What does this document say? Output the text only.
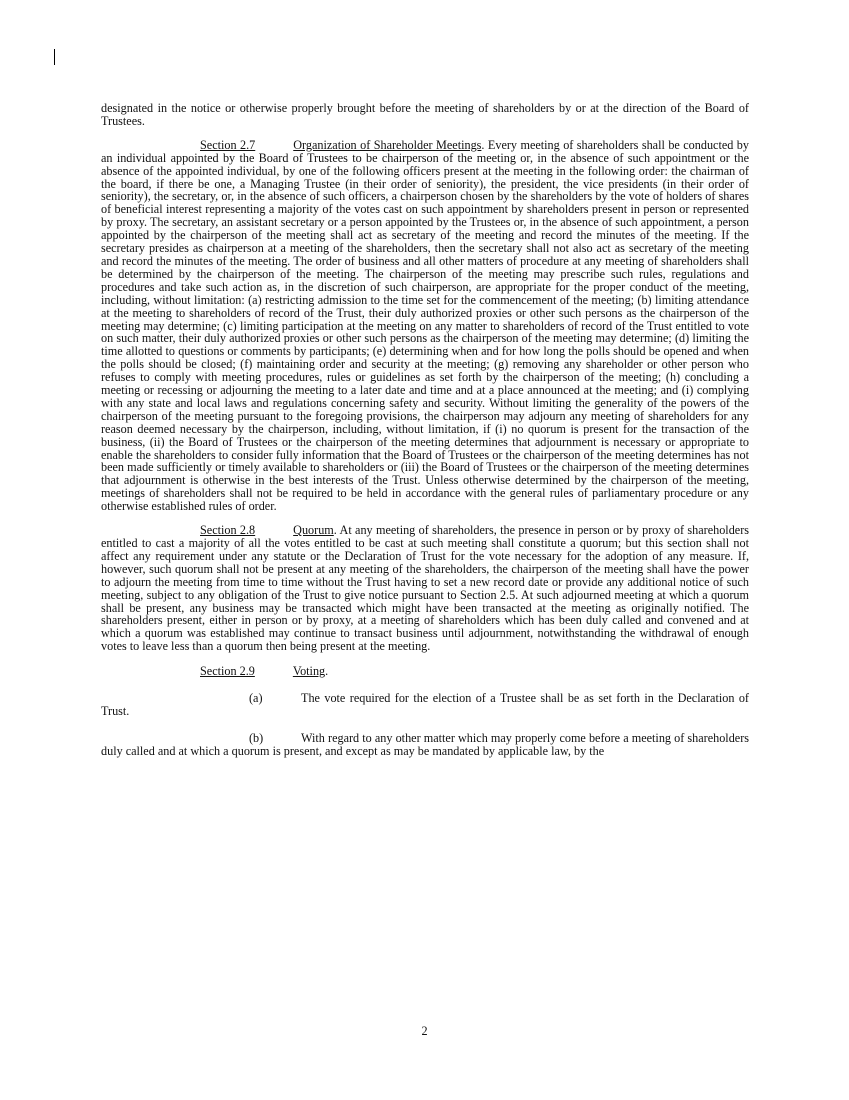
designated in the notice or otherwise properly brought before the meeting of shareholders by or at the direction of the Board of Trustees.

Section 2.7	Organization of Shareholder Meetings. Every meeting of shareholders shall be conducted by an individual appointed by the Board of Trustees to be chairperson of the meeting or, in the absence of such appointment or the absence of the appointed individual, by one of the following officers present at the meeting in the following order: the chairman of the board, if there be one, a Managing Trustee (in their order of seniority), the president, the vice presidents (in their order of seniority), the secretary, or, in the absence of such officers, a chairperson chosen by the shareholders by the vote of holders of shares of beneficial interest representing a majority of the votes cast on such appointment by shareholders present in person or represented by proxy. The secretary, an assistant secretary or a person appointed by the Trustees or, in the absence of such appointment, a person appointed by the chairperson of the meeting shall act as secretary of the meeting and record the minutes of the meeting. If the secretary presides as chairperson at a meeting of the shareholders, then the secretary shall not also act as secretary of the meeting and record the minutes of the meeting. The order of business and all other matters of procedure at any meeting of shareholders shall be determined by the chairperson of the meeting. The chairperson of the meeting may prescribe such rules, regulations and procedures and take such action as, in the discretion of such chairperson, are appropriate for the proper conduct of the meeting, including, without limitation: (a) restricting admission to the time set for the commencement of the meeting; (b) limiting attendance at the meeting to shareholders of record of the Trust, their duly authorized proxies or other such persons as the chairperson of the meeting may determine; (c) limiting participation at the meeting on any matter to shareholders of record of the Trust entitled to vote on such matter, their duly authorized proxies or other such persons as the chairperson of the meeting may determine; (d) limiting the time allotted to questions or comments by participants; (e) determining when and for how long the polls should be opened and when the polls should be closed; (f) maintaining order and security at the meeting; (g) removing any shareholder or other person who refuses to comply with meeting procedures, rules or guidelines as set forth by the chairperson of the meeting; (h) concluding a meeting or recessing or adjourning the meeting to a later date and time and at a place announced at the meeting; and (i) complying with any state and local laws and regulations concerning safety and security. Without limiting the generality of the powers of the chairperson of the meeting pursuant to the foregoing provisions, the chairperson may adjourn any meeting of shareholders for any reason deemed necessary by the chairperson, including, without limitation, if (i) no quorum is present for the transaction of the business, (ii) the Board of Trustees or the chairperson of the meeting determines that adjournment is necessary or appropriate to enable the shareholders to consider fully information that the Board of Trustees or the chairperson of the meeting determines has not been made sufficiently or timely available to shareholders or (iii) the Board of Trustees or the chairperson of the meeting determines that adjournment is otherwise in the best interests of the Trust. Unless otherwise determined by the chairperson of the meeting, meetings of shareholders shall not be required to be held in accordance with the general rules of parliamentary procedure or any otherwise established rules of order.

Section 2.8	Quorum. At any meeting of shareholders, the presence in person or by proxy of shareholders entitled to cast a majority of all the votes entitled to be cast at such meeting shall constitute a quorum; but this section shall not affect any requirement under any statute or the Declaration of Trust for the vote necessary for the adoption of any measure. If, however, such quorum shall not be present at any meeting of the shareholders, the chairperson of the meeting shall have the power to adjourn the meeting from time to time without the Trust having to set a new record date or provide any additional notice of such meeting, subject to any obligation of the Trust to give notice pursuant to Section 2.5. At such adjourned meeting at which a quorum shall be present, any business may be transacted which might have been transacted at the meeting as originally notified. The shareholders present, either in person or by proxy, at a meeting of shareholders which has been duly called and convened and at which a quorum was established may continue to transact business until adjournment, notwithstanding the withdrawal of enough votes to leave less than a quorum then being present at the meeting.

Section 2.9	Voting.

(a)	The vote required for the election of a Trustee shall be as set forth in the Declaration of Trust.

(b)	With regard to any other matter which may properly come before a meeting of shareholders duly called and at which a quorum is present, and except as may be mandated by applicable law, by the

2
